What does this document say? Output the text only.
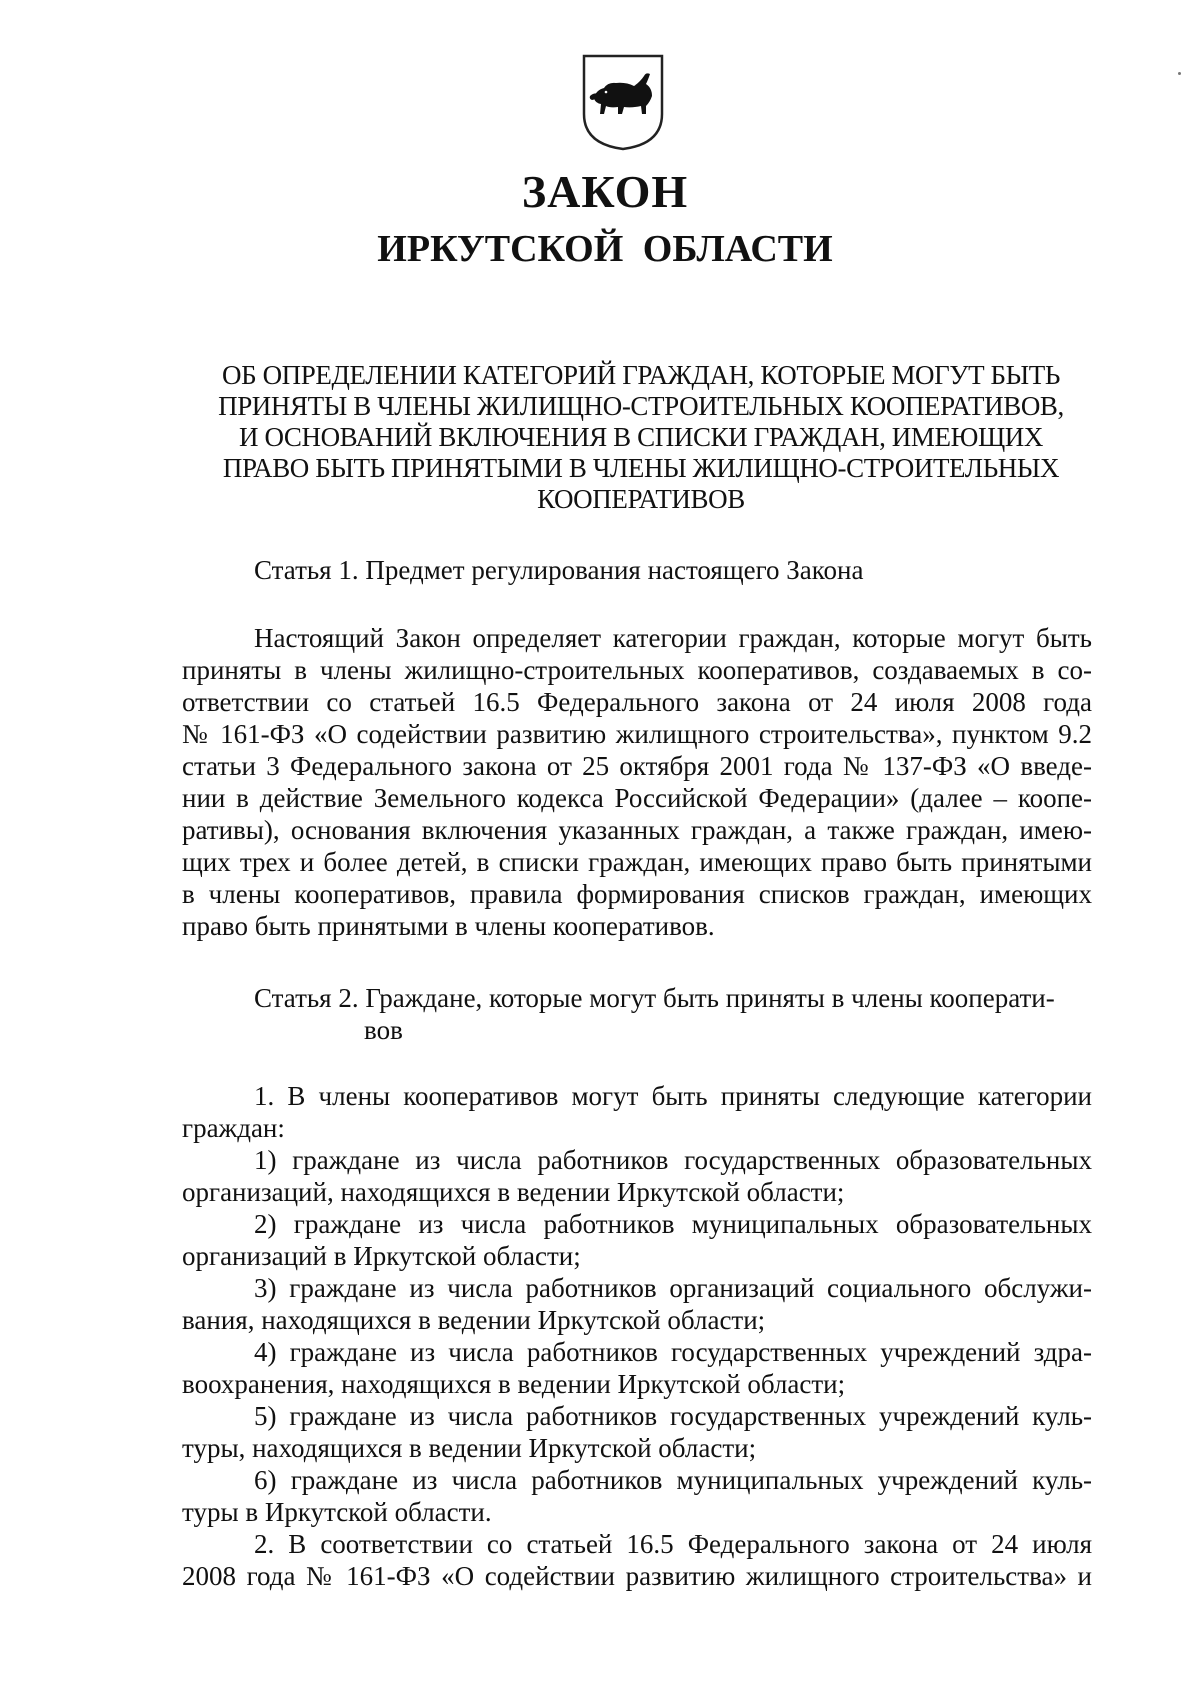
ЗАКОН
ИРКУТСКОЙ ОБЛАСТИ
ОБ ОПРЕДЕЛЕНИИ КАТЕГОРИЙ ГРАЖДАН, КОТОРЫЕ МОГУТ БЫТЬ
ПРИНЯТЫ В ЧЛЕНЫ ЖИЛИЩНО-СТРОИТЕЛЬНЫХ КООПЕРАТИВОВ,
И ОСНОВАНИЙ ВКЛЮЧЕНИЯ В СПИСКИ ГРАЖДАН, ИМЕЮЩИХ
ПРАВО БЫТЬ ПРИНЯТЫМИ В ЧЛЕНЫ ЖИЛИЩНО-СТРОИТЕЛЬНЫХ
КООПЕРАТИВОВ
Статья 1. Предмет регулирования настоящего Закона
Настоящий Закон определяет категории граждан, которые могут быть
приняты в члены жилищно-строительных кооперативов, создаваемых в со-
ответствии со статьей 16.5 Федерального закона от 24 июля 2008 года
№ 161-ФЗ «О содействии развитию жилищного строительства», пунктом 9.2
статьи 3 Федерального закона от 25 октября 2001 года № 137-ФЗ «О введе-
нии в действие Земельного кодекса Российской Федерации» (далее – коопе-
ративы), основания включения указанных граждан, а также граждан, имею-
щих трех и более детей, в списки граждан, имеющих право быть принятыми
в члены кооперативов, правила формирования списков граждан, имеющих
право быть принятыми в члены кооперативов.
Статья 2. Граждане, которые могут быть приняты в члены кооперати-
вов
1. В члены кооперативов могут быть приняты следующие категории
граждан:
1) граждане из числа работников государственных образовательных
организаций, находящихся в ведении Иркутской области;
2) граждане из числа работников муниципальных образовательных
организаций в Иркутской области;
3) граждане из числа работников организаций социального обслужи-
вания, находящихся в ведении Иркутской области;
4) граждане из числа работников государственных учреждений здра-
воохранения, находящихся в ведении Иркутской области;
5) граждане из числа работников государственных учреждений куль-
туры, находящихся в ведении Иркутской области;
6) граждане из числа работников муниципальных учреждений куль-
туры в Иркутской области.
2. В соответствии со статьей 16.5 Федерального закона от 24 июля
2008 года № 161-ФЗ «О содействии развитию жилищного строительства» и
